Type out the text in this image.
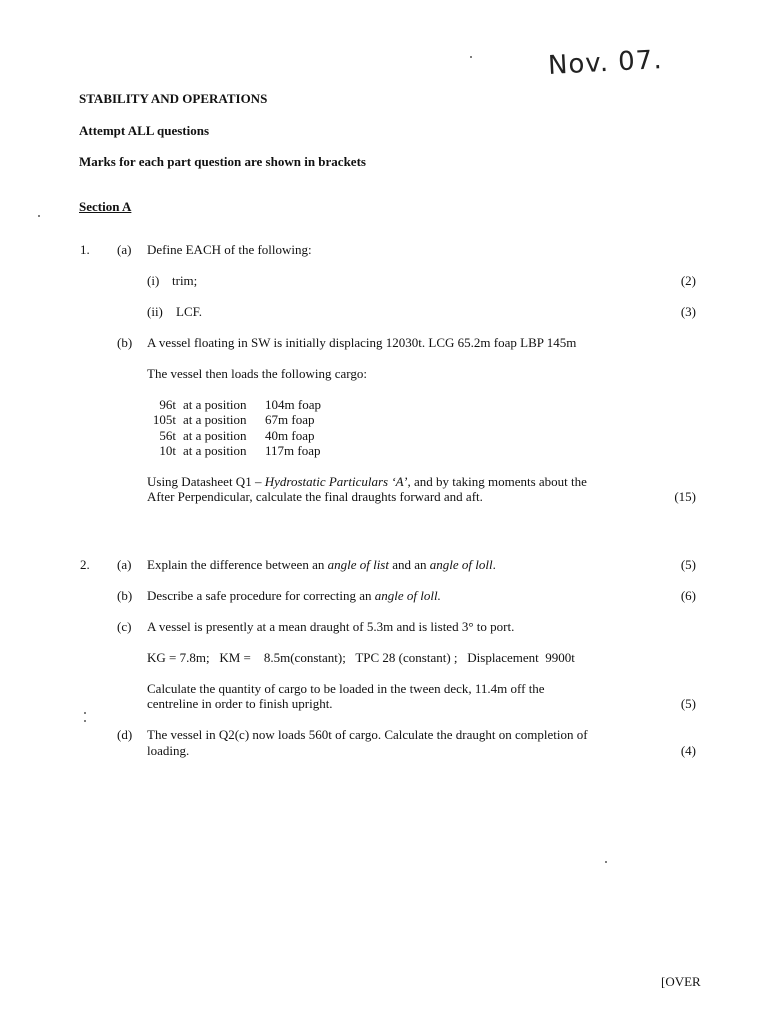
Nov. 07.
STABILITY AND OPERATIONS
Attempt ALL questions
Marks for each part question are shown in brackets
Section A
1. (a) Define EACH of the following:
(i) trim;	(2)
(ii) LCF.	(3)
(b) A vessel floating in SW is initially displacing 12030t. LCG 65.2m foap LBP 145m
The vessel then loads the following cargo:
96t at a position 104m foap
105t at a position 67m foap
56t at a position 40m foap
10t at a position 117m foap
Using Datasheet Q1 – Hydrostatic Particulars ‘A’, and by taking moments about the
After Perpendicular, calculate the final draughts forward and aft.	(15)
2. (a) Explain the difference between an angle of list and an angle of loll.	(5)
(b) Describe a safe procedure for correcting an angle of loll.	(6)
(c) A vessel is presently at a mean draught of 5.3m and is listed 3° to port.
KG = 7.8m;   KM =    8.5m(constant);   TPC 28 (constant) ;   Displacement  9900t
Calculate the quantity of cargo to be loaded in the tween deck, 11.4m off the
centreline in order to finish upright.	(5)
(d) The vessel in Q2(c) now loads 560t of cargo. Calculate the draught on completion of
loading.	(4)
[OVER
